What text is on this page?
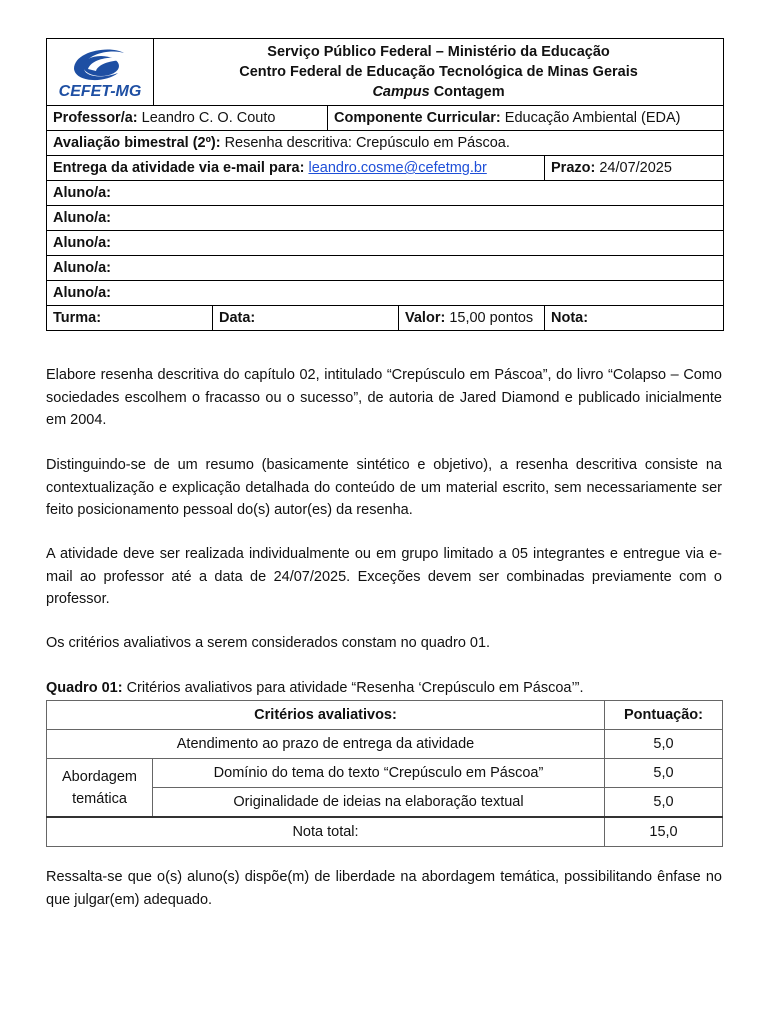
CEFET-MG	Serviço Público Federal – Ministério da Educação
Centro Federal de Educação Tecnológica de Minas Gerais
Campus Contagem				

Professor/a: Leandro C. O. Couto			Componente Curricular: Educação Ambiental (EDA)		
Avaliação bimestral (2º): Resenha descritiva: Crepúsculo em Páscoa.					
Entrega da atividade via e-mail para: leandro.cosme@cefetmg.br					Prazo: 24/07/2025
Aluno/a:					
Aluno/a:					
Aluno/a:					
Aluno/a:					
Aluno/a:					
Turma:		Data:		Valor: 15,00 pontos	Nota:
Elabore resenha descritiva do capítulo 02, intitulado “Crepúsculo em Páscoa”, do livro “Colapso – Como sociedades escolhem o fracasso ou o sucesso”, de autoria de Jared Diamond e publicado inicialmente em 2004.
Distinguindo-se de um resumo (basicamente sintético e objetivo), a resenha descritiva consiste na contextualização e explicação detalhada do conteúdo de um material escrito, sem necessariamente ser feito posicionamento pessoal do(s) autor(es) da resenha.
A atividade deve ser realizada individualmente ou em grupo limitado a 05 integrantes e entregue via e-mail ao professor até a data de 24/07/2025. Exceções devem ser combinadas previamente com o professor.
Os critérios avaliativos a serem considerados constam no quadro 01.
Quadro 01: Critérios avaliativos para atividade “Resenha ‘Crepúsculo em Páscoa’”.
Critérios avaliativos:		Pontuação:
Atendimento ao prazo de entrega da atividade		5,0
Abordagem temática	Domínio do tema do texto “Crepúsculo em Páscoa”	5,0
	Originalidade de ideias na elaboração textual	5,0
Nota total:		15,0
Ressalta-se que o(s) aluno(s) dispõe(m) de liberdade na abordagem temática, possibilitando ênfase no que julgar(em) adequado.
